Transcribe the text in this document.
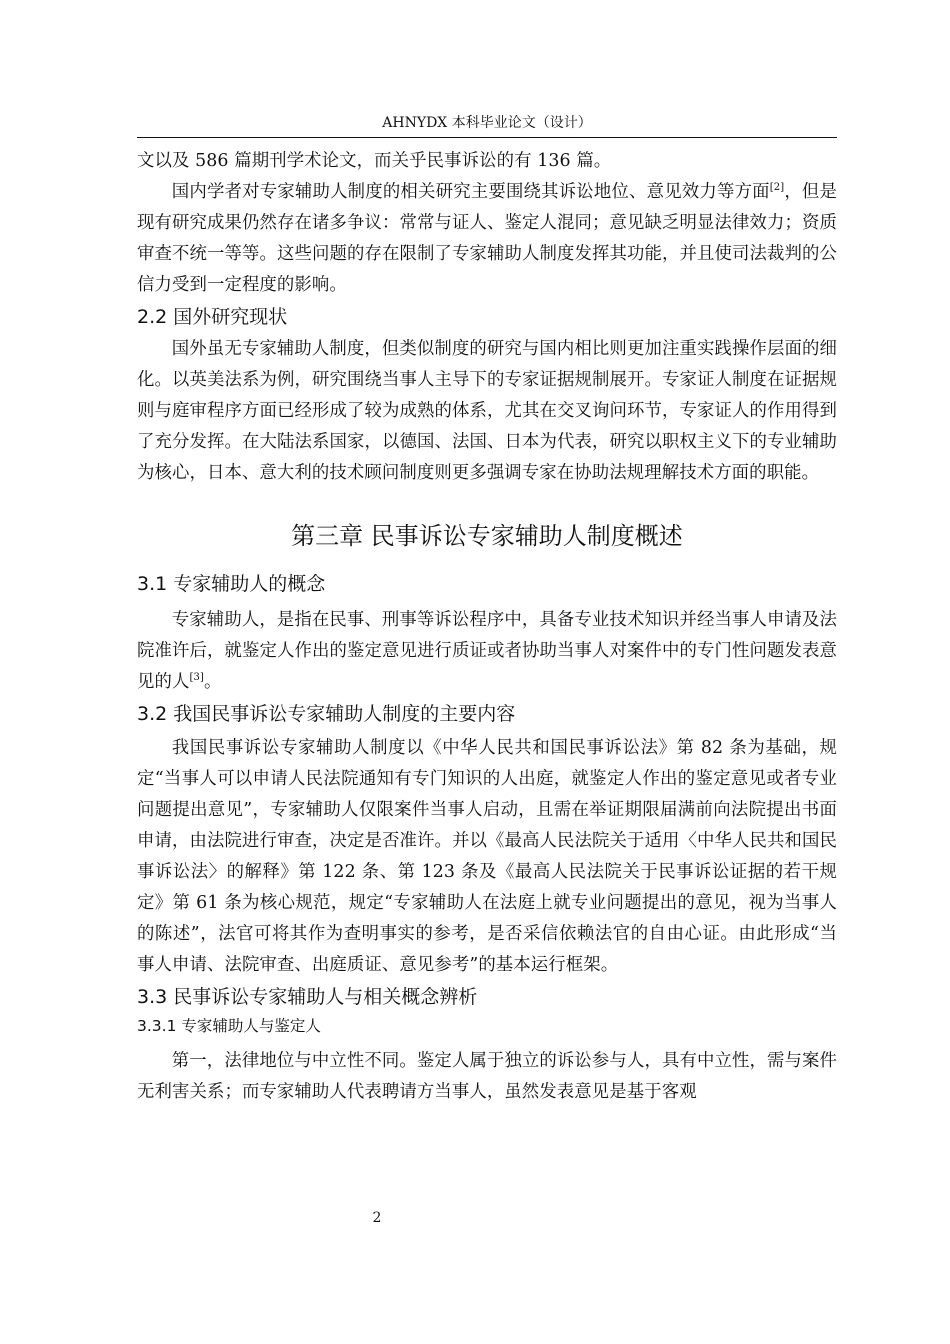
AHNYDX 本科毕业论文（设计）

文以及 586 篇期刊学术论文，而关乎民事诉讼的有 136 篇。

国内学者对专家辅助人制度的相关研究主要围绕其诉讼地位、意见效力等方面[2]，但是现有研究成果仍然存在诸多争议：常常与证人、鉴定人混同；意见缺乏明显法律效力；资质审查不统一等等。这些问题的存在限制了专家辅助人制度发挥其功能，并且使司法裁判的公信力受到一定程度的影响。

2.2 国外研究现状

国外虽无专家辅助人制度，但类似制度的研究与国内相比则更加注重实践操作层面的细化。以英美法系为例，研究围绕当事人主导下的专家证据规制展开。专家证人制度在证据规则与庭审程序方面已经形成了较为成熟的体系，尤其在交叉询问环节，专家证人的作用得到了充分发挥。在大陆法系国家，以德国、法国、日本为代表，研究以职权主义下的专业辅助为核心，日本、意大利的技术顾问制度则更多强调专家在协助法规理解技术方面的职能。

第三章 民事诉讼专家辅助人制度概述
3.1 专家辅助人的概念

专家辅助人，是指在民事、刑事等诉讼程序中，具备专业技术知识并经当事人申请及法院准许后，就鉴定人作出的鉴定意见进行质证或者协助当事人对案件中的专门性问题发表意见的人[3]。

3.2 我国民事诉讼专家辅助人制度的主要内容

我国民事诉讼专家辅助人制度以《中华人民共和国民事诉讼法》第 82 条为基础，规定“当事人可以申请人民法院通知有专门知识的人出庭，就鉴定人作出的鉴定意见或者专业问题提出意见”，专家辅助人仅限案件当事人启动，且需在举证期限届满前向法院提出书面申请，由法院进行审查，决定是否准许。并以《最高人民法院关于适用〈中华人民共和国民事诉讼法〉的解释》第 122 条、第 123 条及《最高人民法院关于民事诉讼证据的若干规定》第 61 条为核心规范，规定“专家辅助人在法庭上就专业问题提出的意见，视为当事人的陈述”，法官可将其作为查明事实的参考，是否采信依赖法官的自由心证。由此形成“当事人申请、法院审查、出庭质证、意见参考”的基本运行框架。

3.3 民事诉讼专家辅助人与相关概念辨析
3.3.1 专家辅助人与鉴定人

第一，法律地位与中立性不同。鉴定人属于独立的诉讼参与人，具有中立性，需与案件无利害关系；而专家辅助人代表聘请方当事人，虽然发表意见是基于客观

2
